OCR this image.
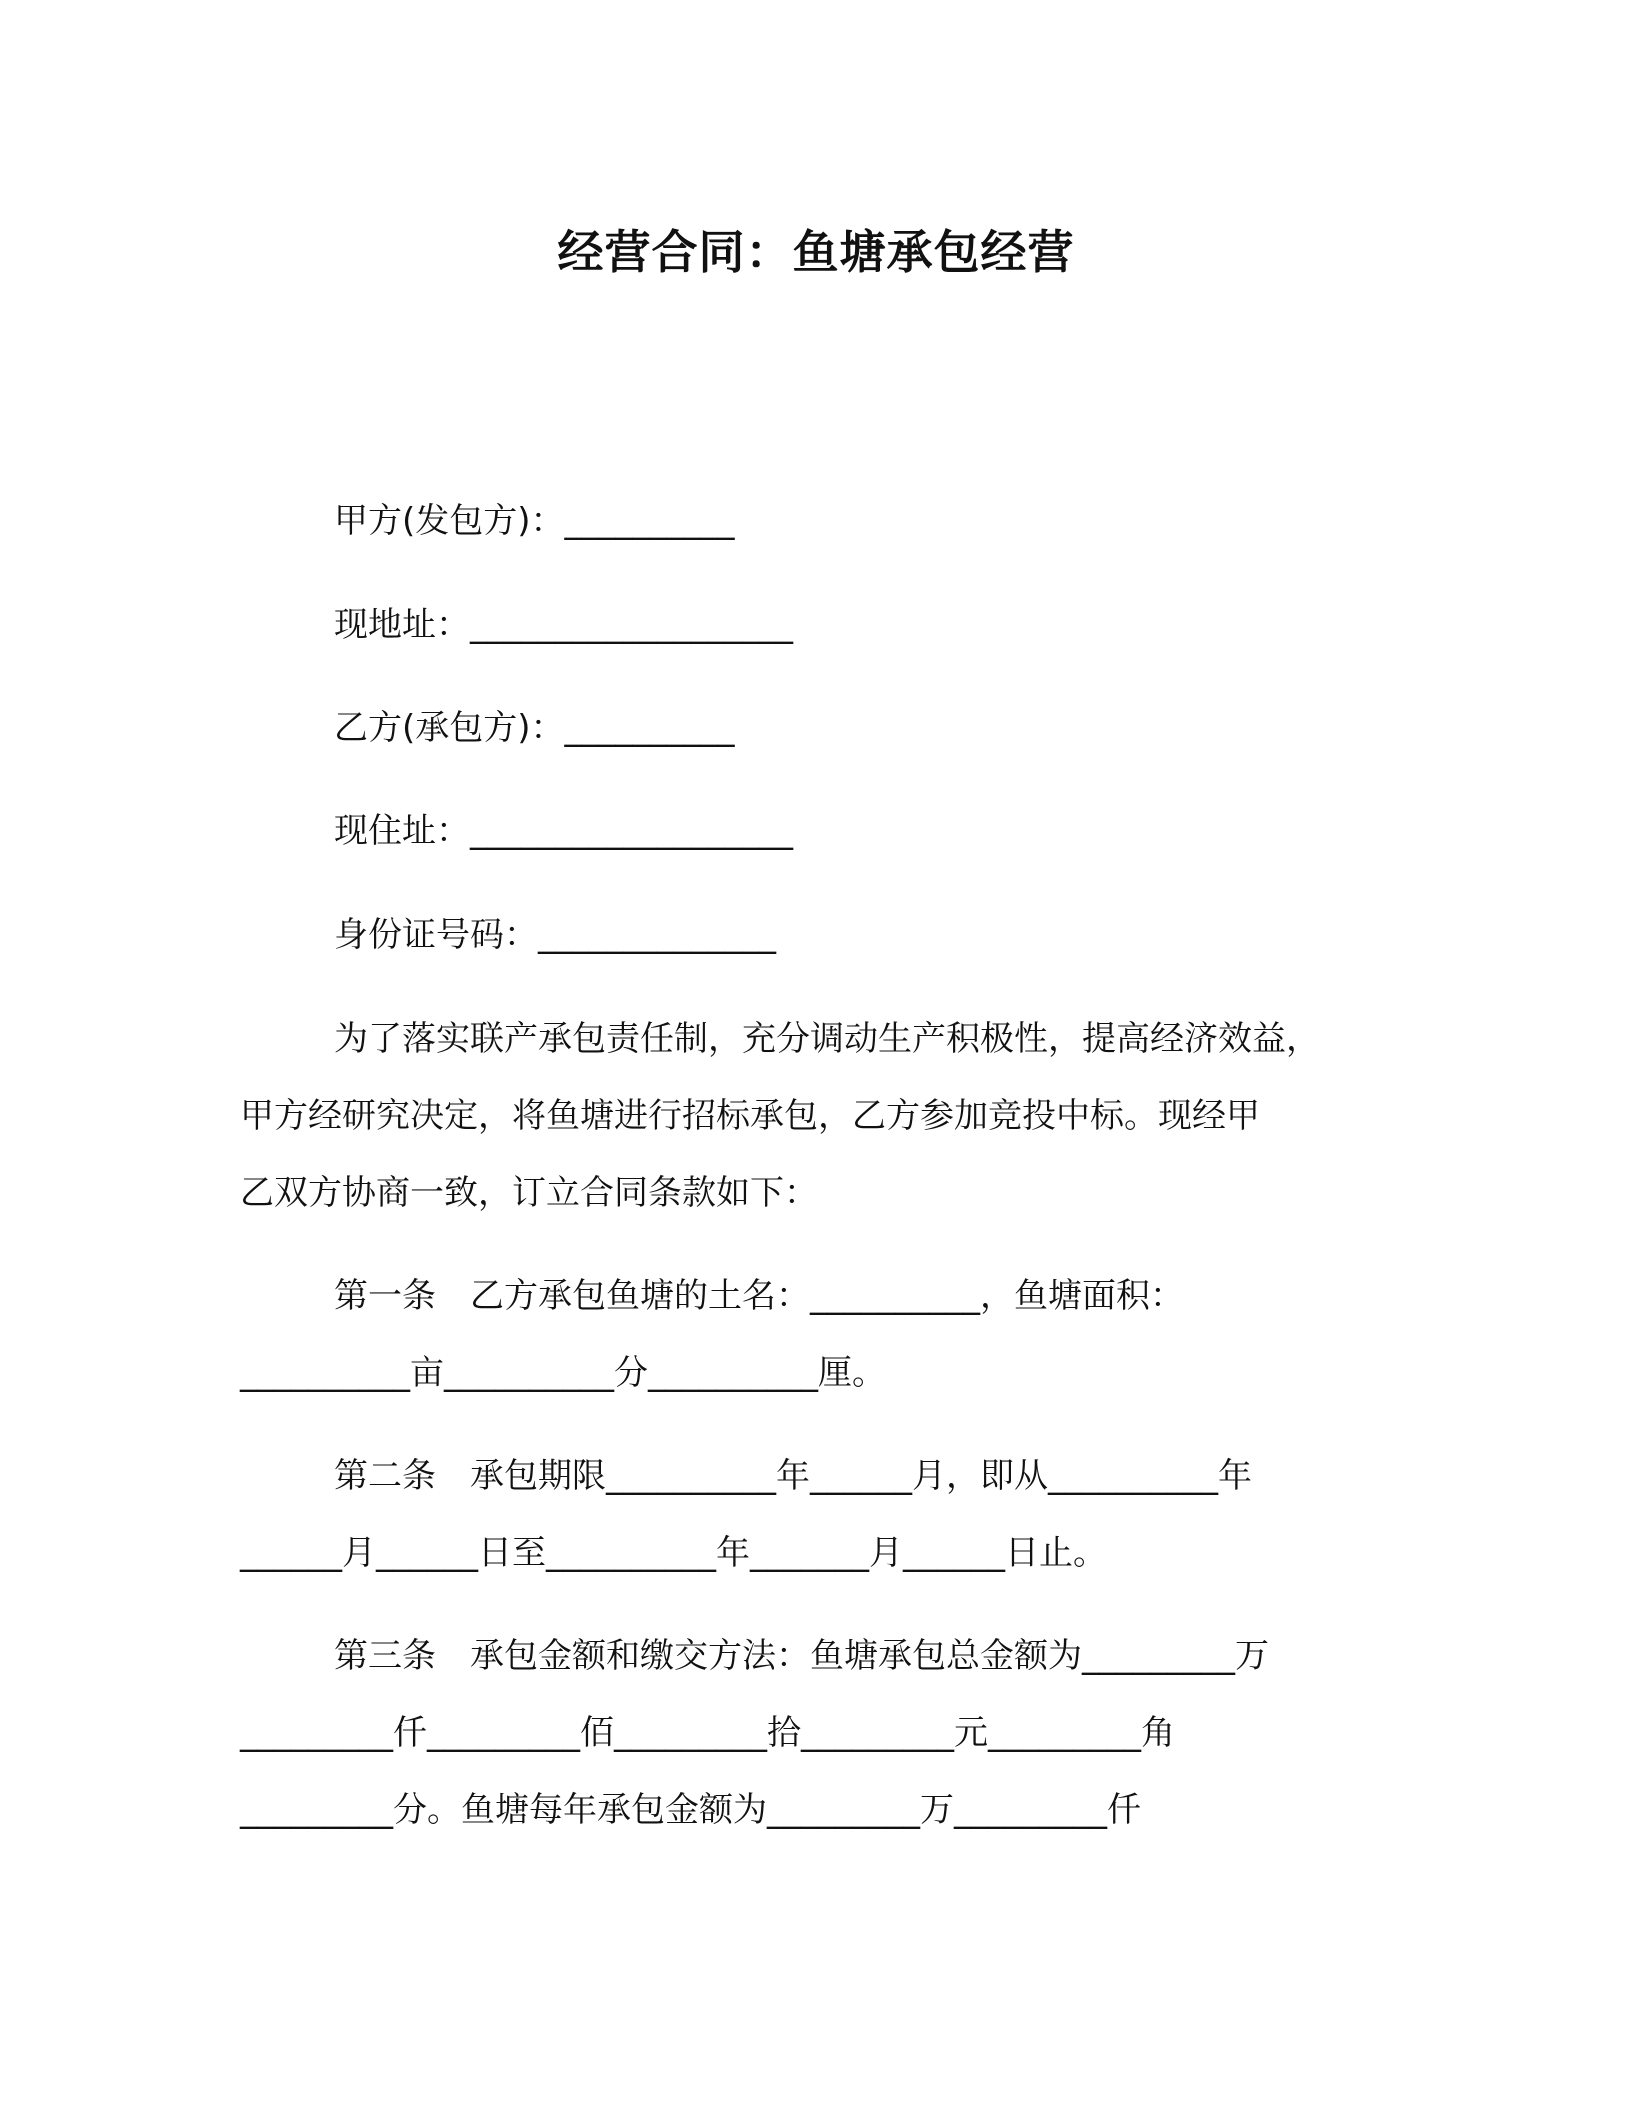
经营合同：鱼塘承包经营
甲方(发包方)：__________
现地址：___________________
乙方(承包方)：__________
现住址：___________________
身份证号码：______________
为了落实联产承包责任制，充分调动生产积极性，提高经济效益，
甲方经研究决定，将鱼塘进行招标承包，乙方参加竞投中标。现经甲
乙双方协商一致，订立合同条款如下：
第一条　乙方承包鱼塘的土名：__________，鱼塘面积：
__________亩__________分__________厘。
第二条　承包期限__________年______月，即从__________年
______月______日至__________年_______月______日止。
第三条　承包金额和缴交方法：鱼塘承包总金额为_________万
_________仟_________佰_________拾_________元_________角
_________分。鱼塘每年承包金额为_________万_________仟
